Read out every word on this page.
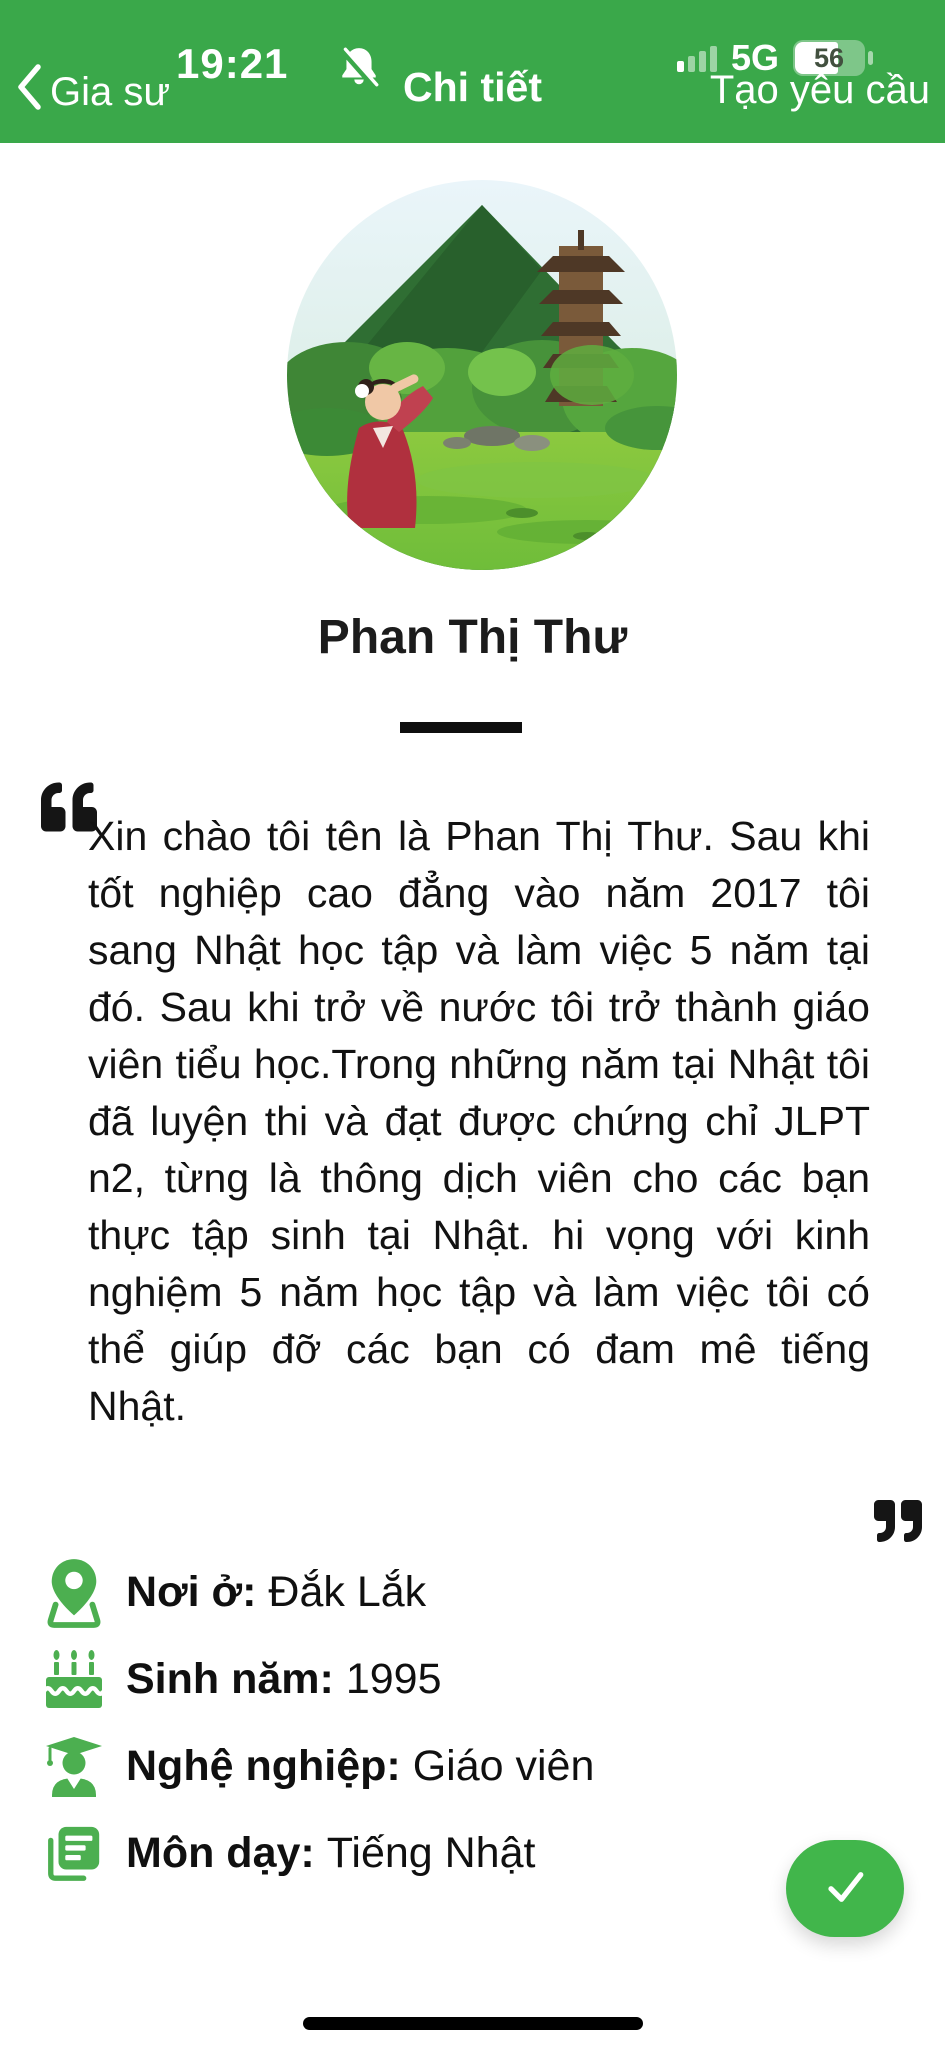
19:21	5G	56
Gia sư	Chi tiết	Tạo yêu cầu
Phan Thị Thư

Xin chào tôi tên là Phan Thị Thư. Sau khi tốt nghiệp cao đẳng vào năm 2017 tôi sang Nhật học tập và làm việc 5 năm tại đó. Sau khi trở về nước tôi trở thành giáo viên tiểu học.Trong những năm tại Nhật tôi đã luyện thi và đạt được chứng chỉ JLPT n2, từng là thông dịch viên cho các bạn thực tập sinh tại Nhật. hi vọng với kinh nghiệm 5 năm học tập và làm việc tôi có thể giúp đỡ các bạn có đam mê tiếng Nhật.

Nơi ở: Đắk Lắk
Sinh năm: 1995
Nghệ nghiệp: Giáo viên
Môn dạy: Tiếng Nhật
